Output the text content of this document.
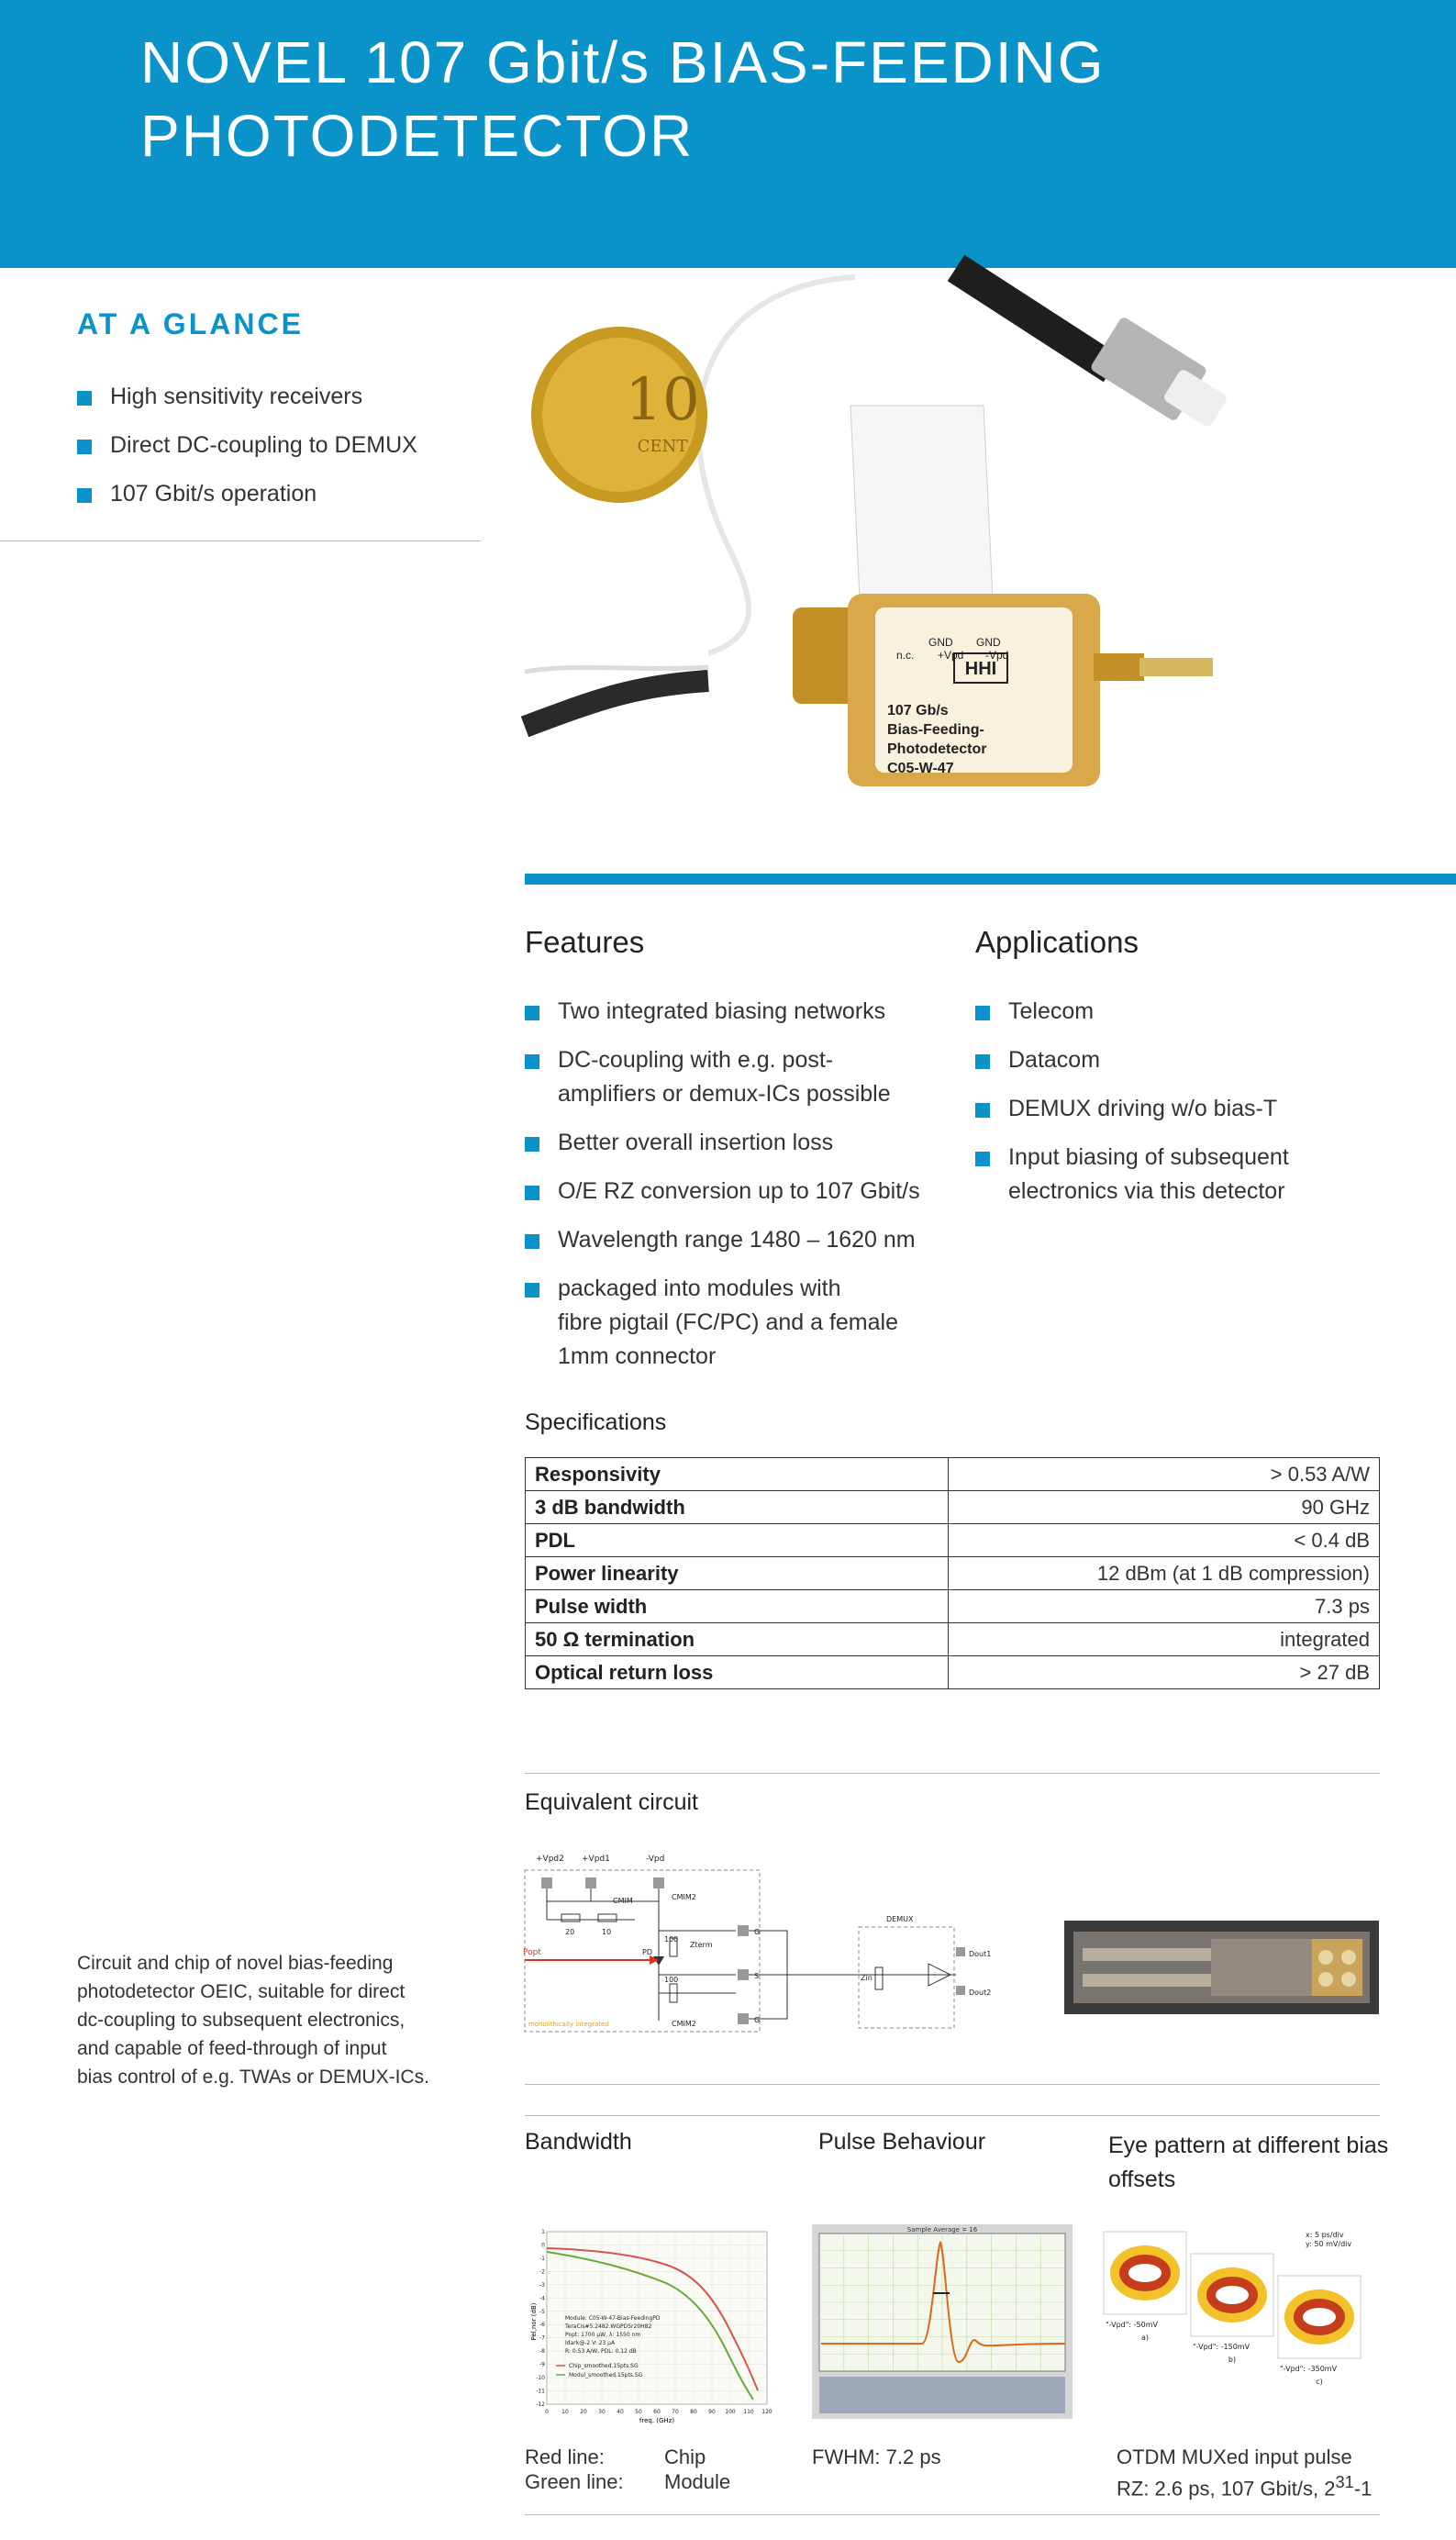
NOVEL 107 Gbit/s BIAS-FEEDING
PHOTODETECTOR
AT A GLANCE
High sensitivity receivers
Direct DC-coupling to DEMUX
107 Gbit/s operation
10
CENT
107 Gb/s
Bias-Feeding-
Photodetector
C05-W-47
HHI
n.c.
GND
+Vpd
GND
-Vpd
Features	Applications
Two integrated biasing networks
DC-coupling with e.g. post-
amplifiers or demux-ICs possible
Better overall insertion loss
O/E RZ conversion up to 107 Gbit/s
Wavelength range 1480 – 1620 nm
packaged into modules with
fibre pigtail (FC/PC) and a female
1mm connector
Telecom
Datacom
DEMUX driving w/o bias-T
Input biasing of subsequent
electronics via this detector
Specifications
Responsivity	> 0.53 A/W
3 dB bandwidth	90 GHz
PDL	< 0.4 dB
Power linearity	12 dBm (at 1 dB compression)
Pulse width	7.3 ps
50 Ω termination	integrated
Optical return loss	> 27 dB
Equivalent circuit
+Vpd2 +Vpd1	-Vpd
20	10
CMIM	CMIM2
PD
100
100
Zterm
CMIM2
Popt
monolithically integrated
G
S
G
DEMUX
Zin
Dout1
Dout2

Circuit and chip of novel bias-feeding
photodetector OEIC, suitable for direct
dc-coupling to subsequent electronics,
and capable of feed-through of input
bias control of e.g. TWAs or DEMUX-ICs.

Bandwidth	Pulse Behaviour	Eye pattern at different bias offsets
1
0
-1
-2
-3
-4
-5
-6
-7
-8
-9
-10
-11
-12
0 10 20 30 40 50 60 70 80 90 100 110 120
Module: C05-W-47-Bias-FeedingPD
TeraCis#5.2482.WGPD5r20H82
Popt: 1700 μW, λ: 1550 nm
Idark@-2 V: 23 μA
R: 0.53 A/W, PDL: 0.12 dB
Chip_smoothed.15pts.SG
Modul_smoothed.15pts.SG
Pel,nor (dB)
freq. (GHz)
Sample Average = 16
x: 5 ps/div
y: 50 mV/div
"-Vpd": -50mV
a)
"-Vpd": -150mV
b)
"-Vpd": -350mV
c)
Red line:	Chip
Green line:	Module

FWHM: 7.2 ps	OTDM MUXed input pulse
RZ: 2.6 ps, 107 Gbit/s, $2^{31}-1$
